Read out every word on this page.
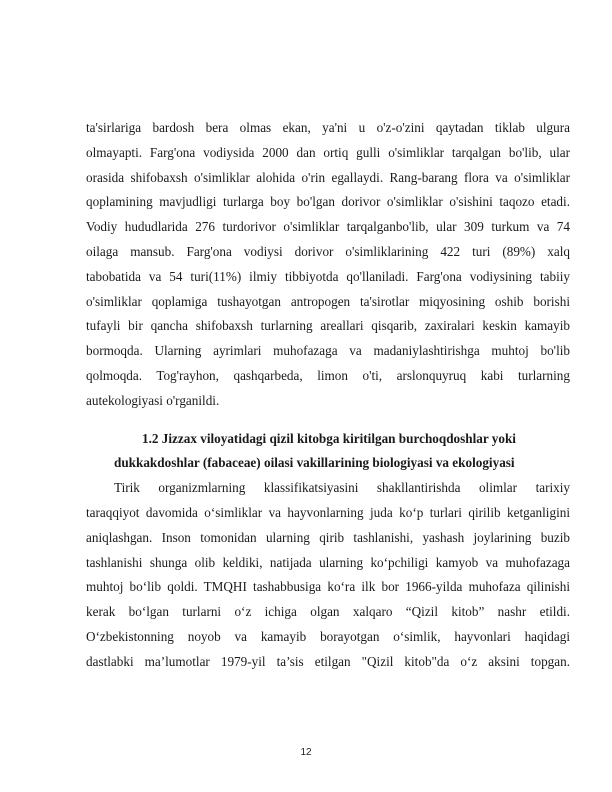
ta'sirlariga bardosh bera olmas ekan, ya'ni u o'z-o'zini qaytadan tiklab ulgura
olmayapti. Farg'ona vodiysida 2000 dan ortiq gulli o'simliklar tarqalgan bo'lib, ular
orasida shifobaxsh o'simliklar alohida o'rin egallaydi. Rang-barang flora va o'simliklar
qoplamining mavjudligi turlarga boy bo'lgan dorivor o'simliklar o'sishini taqozo etadi.
Vodiy hududlarida 276 turdorivor o'simliklar tarqalganbo'lib, ular 309 turkum va 74
oilaga mansub. Farg'ona vodiysi dorivor o'simliklarining 422 turi (89%) xalq
tabobatida va 54 turi(11%) ilmiy tibbiyotda qo'llaniladi. Farg'ona vodiysining tabiiy
o'simliklar qoplamiga tushayotgan antropogen ta'sirotlar miqyosining oshib borishi
tufayli bir qancha shifobaxsh turlarning areallari qisqarib, zaxiralari keskin kamayib
bormoqda. Ularning ayrimlari muhofazaga va madaniylashtirishga muhtoj bo'lib
qolmoqda. Tog'rayhon, qashqarbeda, limon o'ti, arslonquyruq kabi turlarning
autekologiyasi o'rganildi.
1.2 Jizzax viloyatidagi qizil kitobga kiritilgan burchoqdoshlar yoki
dukkakdoshlar (fabaceae) oilasi vakillarining biologiyasi va ekologiyasi
Tirik organizmlarning klassifikatsiyasini shakllantirishda olimlar tarixiy
taraqqiyot davomida o‘simliklar va hayvonlarning juda ko‘p turlari qirilib ketganligini
aniqlashgan. Inson tomonidan ularning qirib tashlanishi, yashash joylarining buzib
tashlanishi shunga olib keldiki, natijada ularning ko‘pchiligi kamyob va muhofazaga
muhtoj bo‘lib qoldi. TMQHI tashabbusiga ko‘ra ilk bor 1966-yilda muhofaza qilinishi
kerak bo‘lgan turlarni o‘z ichiga olgan xalqaro “Qizil kitob” nashr etildi.
O‘zbekistonning noyob va kamayib borayotgan o‘simlik, hayvonlari haqidagi
dastlabki ma’lumotlar 1979-yil ta’sis etilgan "Qizil kitob"da o‘z aksini topgan.
12
